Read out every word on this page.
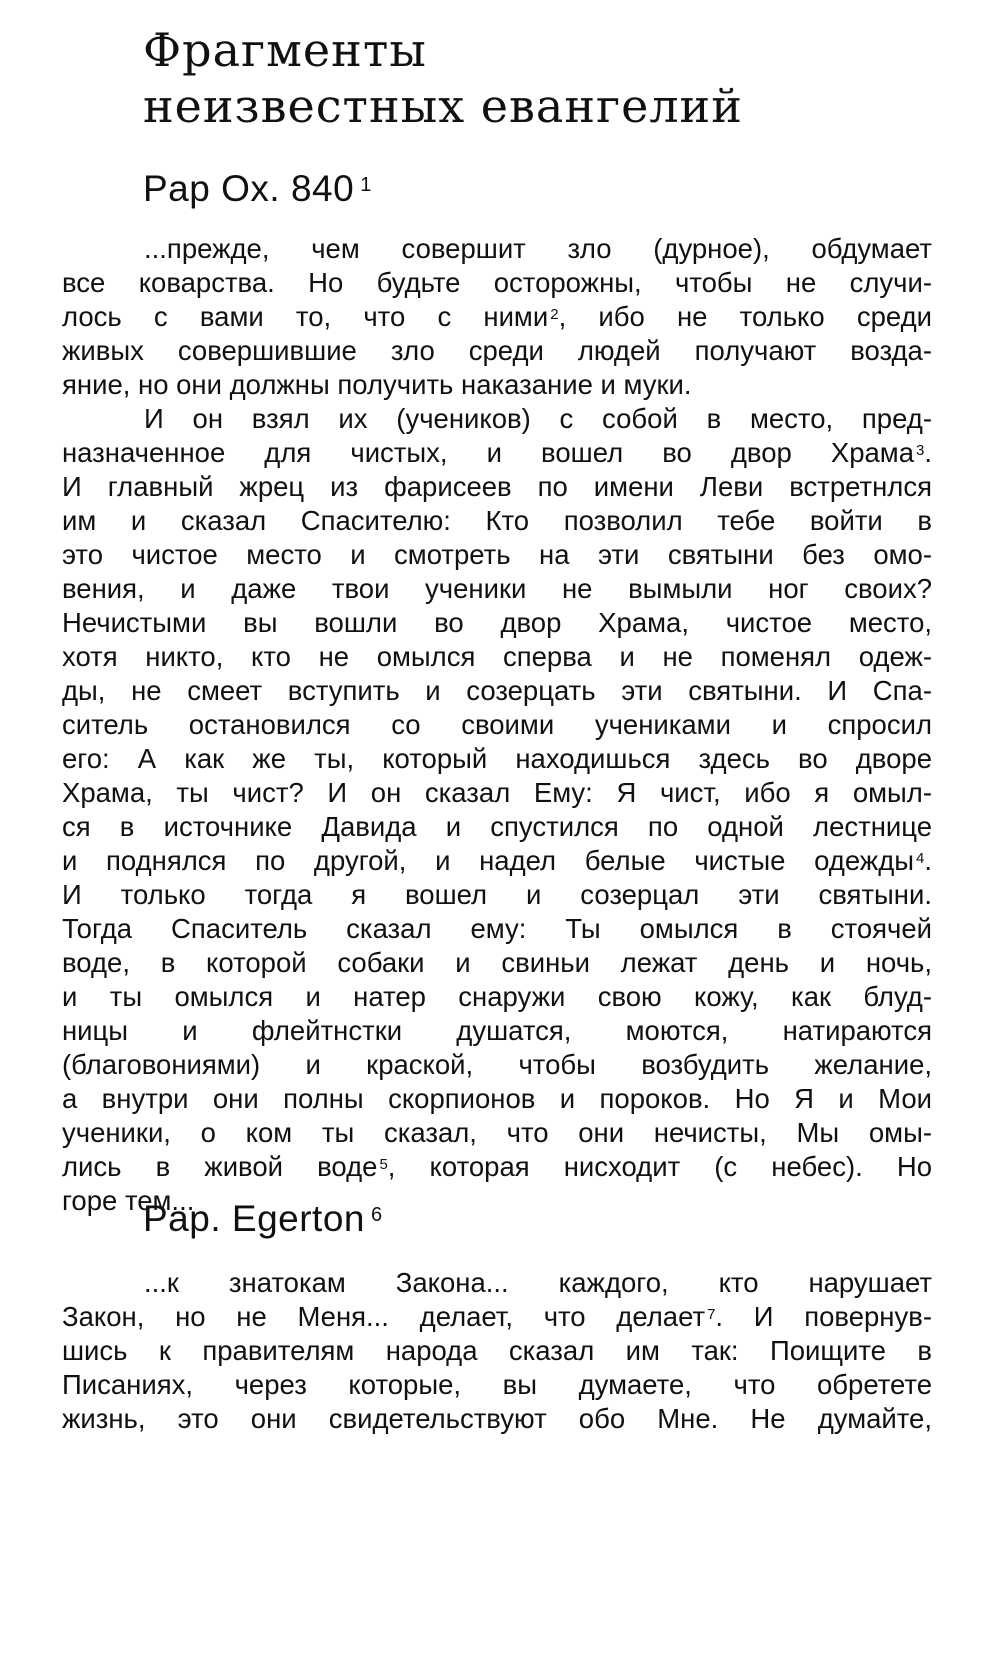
Фрагменты
неизвестных евангелий
Pap Ox. 840 $^1$
...прежде, чем совершит зло (дурное), обдумает
все коварства. Но будьте осторожны, чтобы не случи-
лось с вами то, что с ними $^2$, ибо не только среди
живых совершившие зло среди людей получают возда-
яние, но они должны получить наказание и муки.
И он взял их (учеников) с собой в место, пред-
назначенное для чистых, и вошел во двор Храма $^3$.
И главный жрец из фарисеев по имени Леви встретнлся
им и сказал Спасителю: Кто позволил тебе войти в
это чистое место и смотреть на эти святыни без омо-
вения, и даже твои ученики не вымыли ног своих?
Нечистыми вы вошли во двор Храма, чистое место,
хотя никто, кто не омылся сперва и не поменял одеж-
ды, не смеет вступить и созерцать эти святыни. И Спа-
ситель остановился со своими учениками и спросил
его: А как же ты, который находишься здесь во дворе
Храма, ты чист? И он сказал Ему: Я чист, ибо я омыл-
ся в источнике Давида и спустился по одной лестнице
и поднялся по другой, и надел белые чистые одежды $^4$.
И только тогда я вошел и созерцал эти святыни.
Тогда Спаситель сказал ему: Ты омылся в стоячей
воде, в которой собаки и свиньи лежат день и ночь,
и ты омылся и натер снаружи свою кожу, как блуд-
ницы и флейтнстки душатся, моются, натираются
(благовониями) и краской, чтобы возбудить желание,
а внутри они полны скорпионов и пороков. Но Я и Мои
ученики, о ком ты сказал, что они нечисты, Мы омы-
лись в живой воде $^5$, которая нисходит (с небес). Но
горе тем...
Pap. Egerton $^6$
...к знатокам Закона... каждого, кто нарушает
Закон, но не Меня... делает, что делает $^7$. И повернув-
шись к правителям народа сказал им так: Поищите в
Писаниях, через которые, вы думаете, что обретете
жизнь, это они свидетельствуют обо Мне. Не думайте,
